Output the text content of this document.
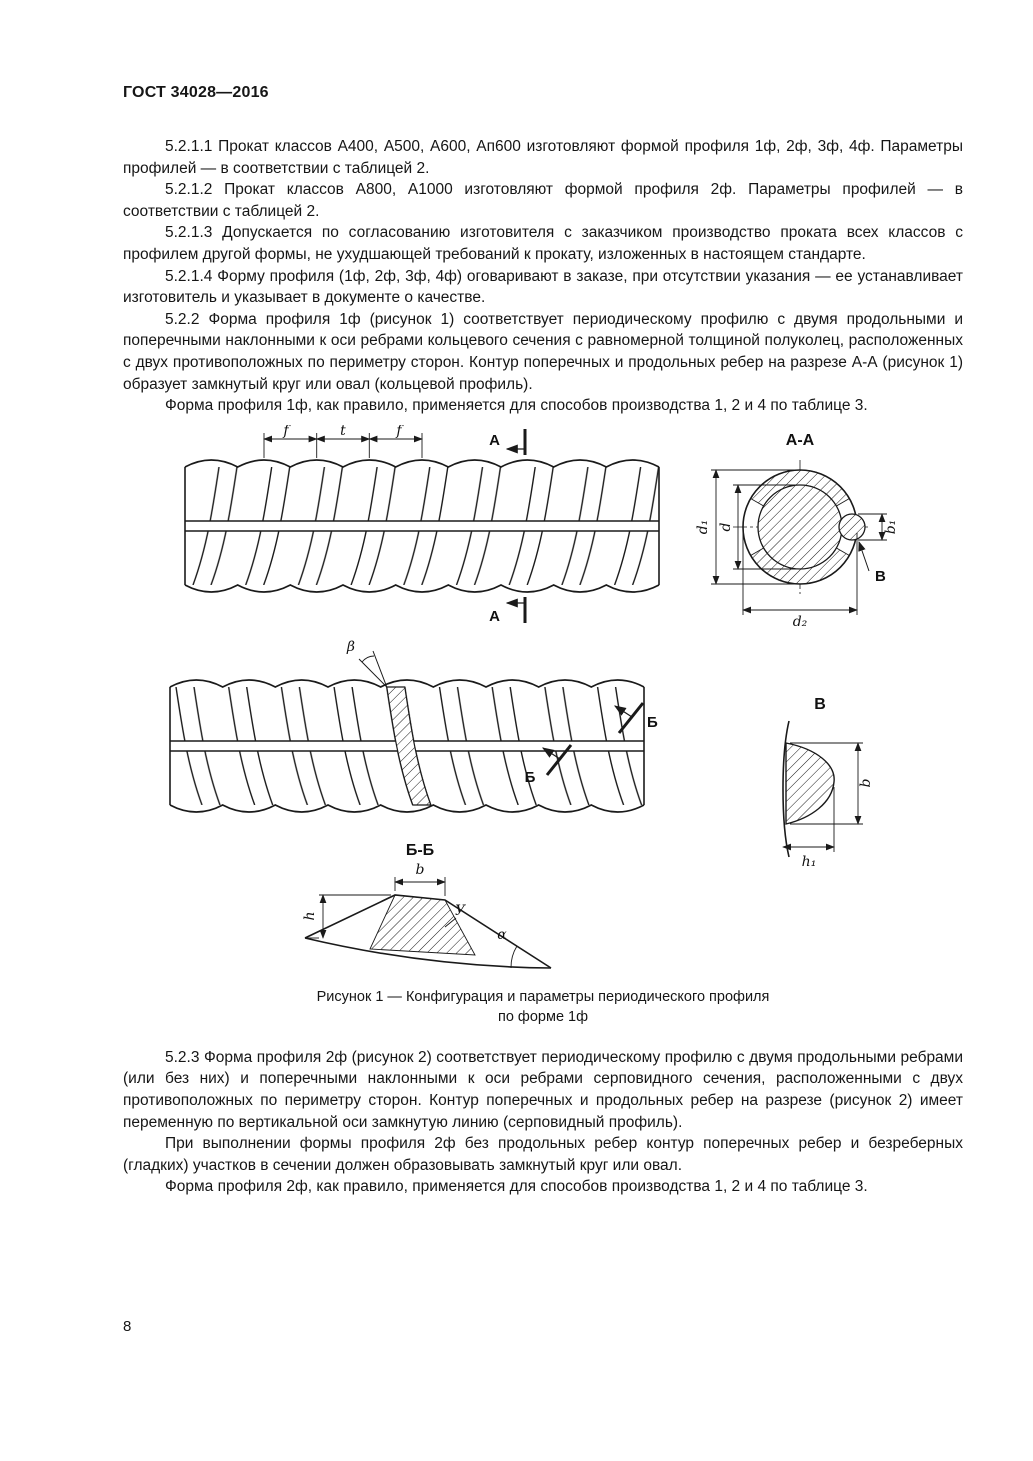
ГОСТ 34028—2016

5.2.1.1 Прокат классов А400, А500, А600, Ап600 изготовляют формой профиля 1ф, 2ф, 3ф, 4ф. Параметры профилей — в соответствии с таблицей 2.

5.2.1.2 Прокат классов А800, А1000 изготовляют формой профиля 2ф. Параметры профилей — в соответствии с таблицей 2.

5.2.1.3 Допускается по согласованию изготовителя с заказчиком производство проката всех классов с профилем другой формы, не ухудшающей требований к прокату, изложенных в настоящем стандарте.

5.2.1.4 Форму профиля (1ф, 2ф, 3ф, 4ф) оговаривают в заказе, при отсутствии указания — ее устанавливает изготовитель и указывает в документе о качестве.

5.2.2 Форма профиля 1ф (рисунок 1) соответствует периодическому профилю с двумя продольными и поперечными наклонными к оси ребрами кольцевого сечения с равномерной толщиной полуколец, расположенных с двух противоположных по периметру сторон. Контур поперечных и продольных ребер на разрезе А-А (рисунок 1) образует замкнутый круг или овал (кольцевой профиль).

Форма профиля 1ф, как правило, применяется для способов производства 1, 2 и 4 по таблице 3.

f	t	f
А
А
А-А
d₁ d
d₂
b₁
В
β
Б
Б
В
b
h₁
Б-Б
b
h
α
У
Рисунок 1 — Конфигурация и параметры периодического профиля
по форме 1ф

5.2.3 Форма профиля 2ф (рисунок 2) соответствует периодическому профилю с двумя продольными ребрами (или без них) и поперечными наклонными к оси ребрами серповидного сечения, расположенными с двух противоположных по периметру сторон. Контур поперечных и продольных ребер на разрезе (рисунок 2) имеет переменную по вертикальной оси замкнутую линию (серповидный профиль).

При выполнении формы профиля 2ф без продольных ребер контур поперечных ребер и безреберных (гладких) участков в сечении должен образовывать замкнутый круг или овал.

Форма профиля 2ф, как правило, применяется для способов производства 1, 2 и 4 по таблице 3.

8
